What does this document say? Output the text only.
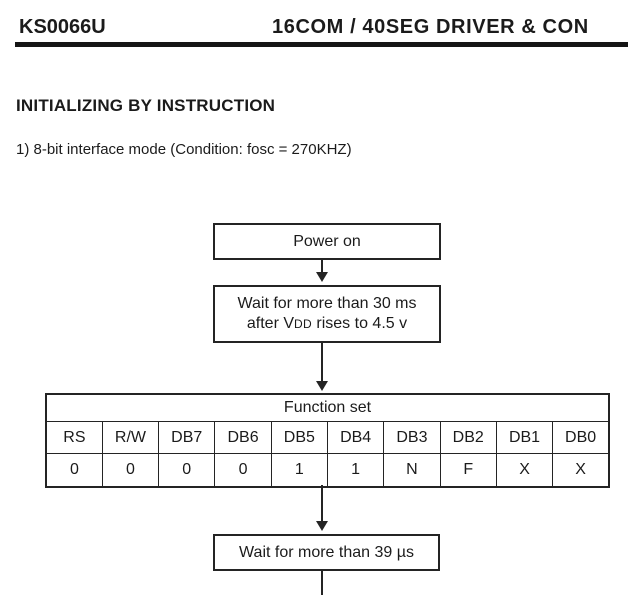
KS0066U	16COM / 40SEG DRIVER & CON
INITIALIZING BY INSTRUCTION
1) 8-bit interface mode (Condition: fosc = 270KHZ)
Power on
Wait for more than 30 ms
after VDD rises to 4.5 v
Function set									
RS	R/W	DB7	DB6	DB5	DB4	DB3	DB2	DB1	DB0
0	0	0	0	1	1	N	F	X	X
Wait for more than 39 µs
